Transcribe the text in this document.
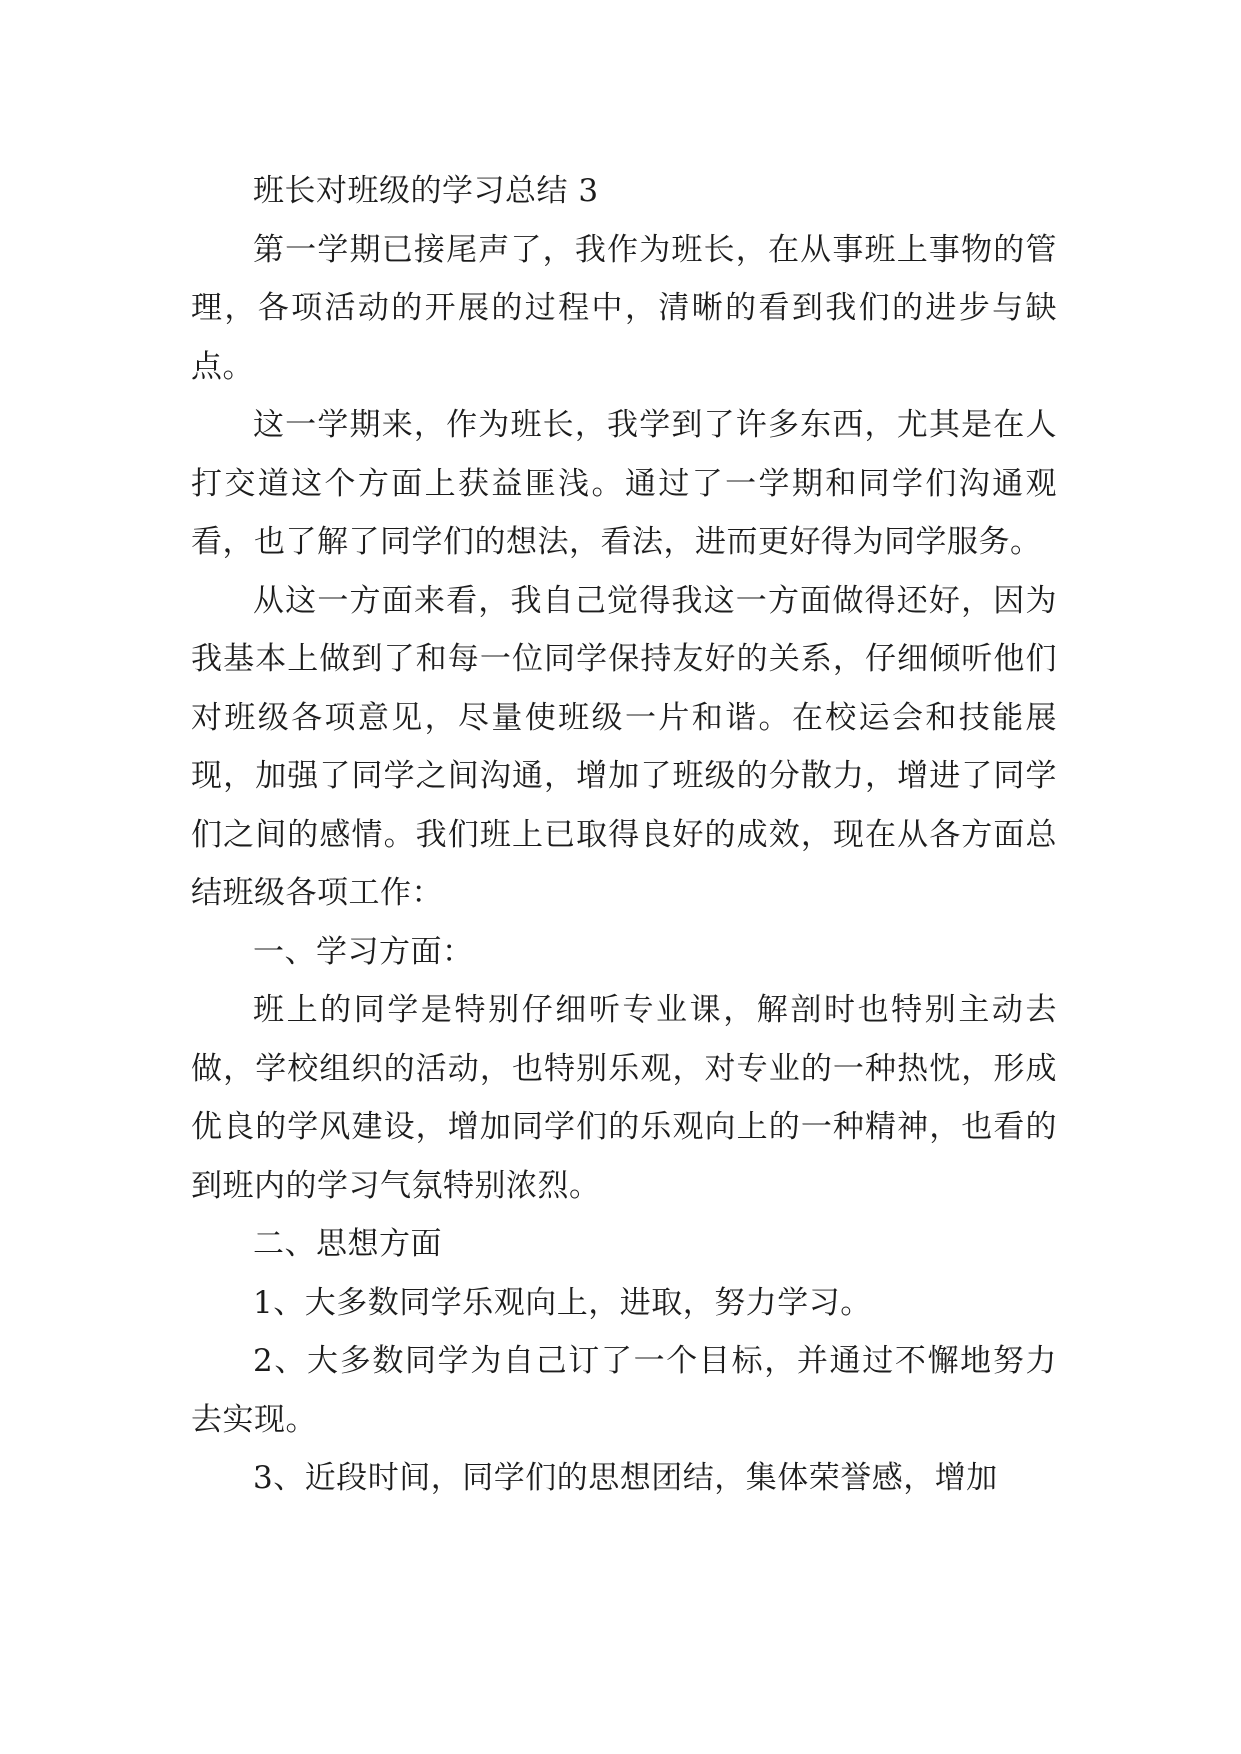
班长对班级的学习总结 3

第一学期已接尾声了，我作为班长，在从事班上事物的管理，各项活动的开展的过程中，清晰的看到我们的进步与缺点。

这一学期来，作为班长，我学到了许多东西，尤其是在人打交道这个方面上获益匪浅。通过了一学期和同学们沟通观看，也了解了同学们的想法，看法，进而更好得为同学服务。

从这一方面来看，我自己觉得我这一方面做得还好，因为我基本上做到了和每一位同学保持友好的关系，仔细倾听他们对班级各项意见，尽量使班级一片和谐。在校运会和技能展现，加强了同学之间沟通，增加了班级的分散力，增进了同学们之间的感情。我们班上已取得良好的成效，现在从各方面总结班级各项工作：

一、学习方面：

班上的同学是特别仔细听专业课，解剖时也特别主动去做，学校组织的活动，也特别乐观，对专业的一种热忱，形成优良的学风建设，增加同学们的乐观向上的一种精神，也看的到班内的学习气氛特别浓烈。

二、思想方面

1、大多数同学乐观向上，进取，努力学习。

2、大多数同学为自己订了一个目标，并通过不懈地努力去实现。

3、近段时间，同学们的思想团结，集体荣誉感，增加
